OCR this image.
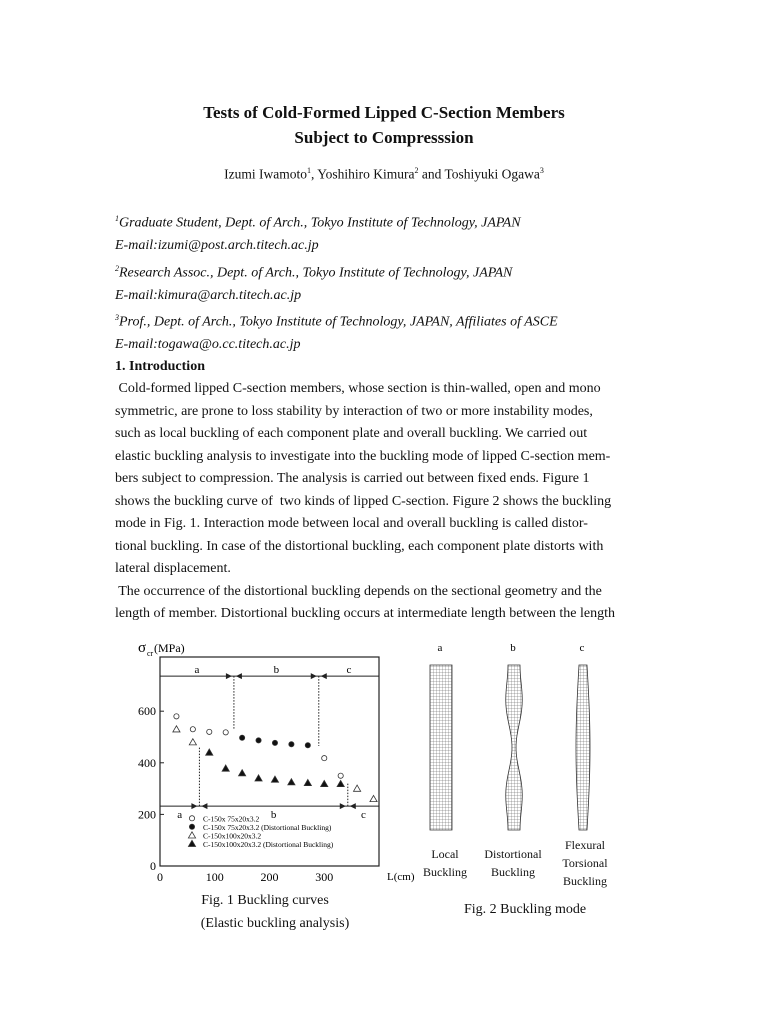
Tests of Cold-Formed Lipped C-Section Members
Subject to Compresssion
Izumi Iwamoto$^1$, Yoshihiro Kimura$^2$ and Toshiyuki Ogawa$^3$

$^1$Graduate Student, Dept. of Arch., Tokyo Institute of Technology, JAPAN

E-mail:izumi@post.arch.titech.ac.jp

$^2$Research Assoc., Dept. of Arch., Tokyo Institute of Technology, JAPAN

E-mail:kimura@arch.titech.ac.jp

$^3$Prof., Dept. of Arch., Tokyo Institute of Technology, JAPAN, Affiliates of ASCE

E-mail:togawa@o.cc.titech.ac.jp

1. Introduction

Cold-formed lipped C-section members, whose section is thin-walled, open and mono

symmetric, are prone to loss stability by interaction of two or more instability modes,

such as local buckling of each component plate and overall buckling. We carried out

elastic buckling analysis to investigate into the buckling mode of lipped C-section mem-

bers subject to compression. The analysis is carried out between fixed ends. Figure 1

shows the buckling curve of  two kinds of lipped C-section. Figure 2 shows the buckling

mode in Fig. 1. Interaction mode between local and overall buckling is called distor-

tional buckling. In case of the distortional buckling, each component plate distorts with

lateral displacement.

The occurrence of the distortional buckling depends on the sectional geometry and the

length of member. Distortional buckling occurs at intermediate length between the length

0	100	200	300
0
200
400
600
L(cm)
σ cr (MPa)
a	b	c
a	b	c
C-150x 75x20x3.2
C-150x 75x20x3.2 (Distortional Buckling)
C-150x100x20x3.2
C-150x100x20x3.2 (Distortional Buckling)
Fig. 1 Buckling curves
(Elastic buckling analysis)
a	b	c
Local
Buckling
Distortional
Buckling
Flexural
Torsional
Buckling
Fig. 2 Buckling mode
